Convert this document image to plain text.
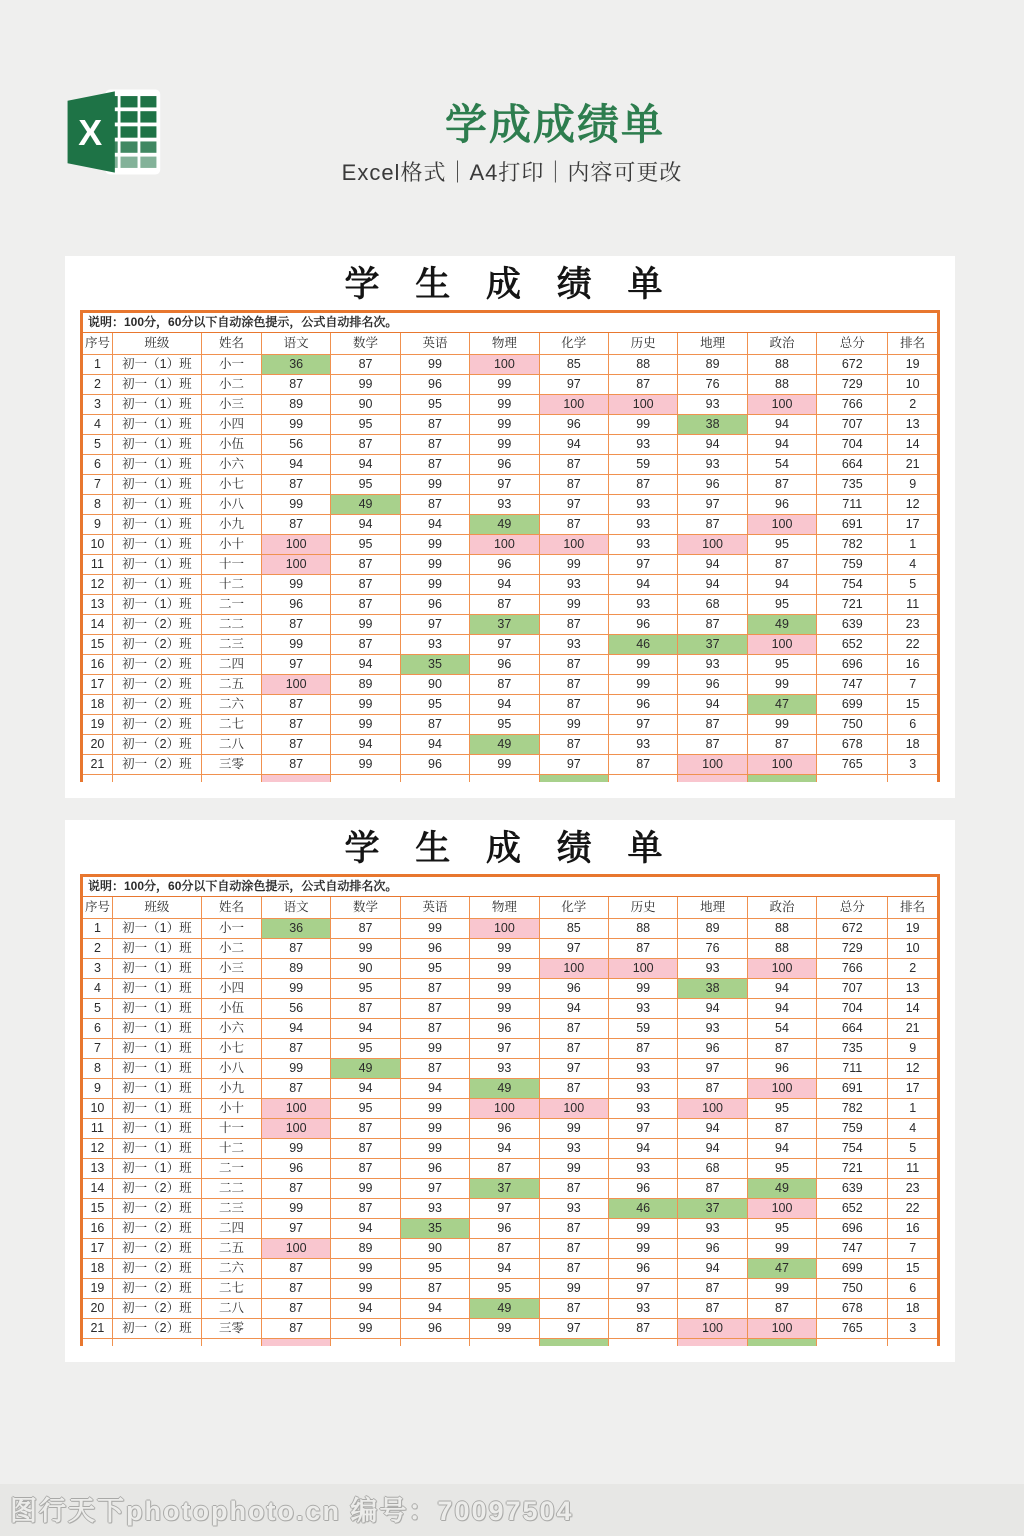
X	学成成绩单
Excel格式｜A4打印｜内容可更改
学 生 成 绩 单
说明：100分，60分以下自动涂色提示，公式自动排名次。												
序号	班级	姓名	语文	数学	英语	物理	化学	历史	地理	政治	总分	排名
1	初一（1）班	小一	36	87	99	100	85	88	89	88	672	19
2	初一（1）班	小二	87	99	96	99	97	87	76	88	729	10
3	初一（1）班	小三	89	90	95	99	100	100	93	100	766	2
4	初一（1）班	小四	99	95	87	99	96	99	38	94	707	13
5	初一（1）班	小伍	56	87	87	99	94	93	94	94	704	14
6	初一（1）班	小六	94	94	87	96	87	59	93	54	664	21
7	初一（1）班	小七	87	95	99	97	87	87	96	87	735	9
8	初一（1）班	小八	99	49	87	93	97	93	97	96	711	12
9	初一（1）班	小九	87	94	94	49	87	93	87	100	691	17
10	初一（1）班	小十	100	95	99	100	100	93	100	95	782	1
11	初一（1）班	十一	100	87	99	96	99	97	94	87	759	4
12	初一（1）班	十二	99	87	99	94	93	94	94	94	754	5
13	初一（1）班	二一	96	87	96	87	99	93	68	95	721	11
14	初一（2）班	二二	87	99	97	37	87	96	87	49	639	23
15	初一（2）班	二三	99	87	93	97	93	46	37	100	652	22
16	初一（2）班	二四	97	94	35	96	87	99	93	95	696	16
17	初一（2）班	二五	100	89	90	87	87	99	96	99	747	7
18	初一（2）班	二六	87	99	95	94	87	96	94	47	699	15
19	初一（2）班	二七	87	99	87	95	99	97	87	99	750	6
20	初一（2）班	二八	87	94	94	49	87	93	87	87	678	18
21	初一（2）班	三零	87	99	96	99	97	87	100	100	765	3

学 生 成 绩 单
说明：100分，60分以下自动涂色提示，公式自动排名次。												
序号	班级	姓名	语文	数学	英语	物理	化学	历史	地理	政治	总分	排名
1	初一（1）班	小一	36	87	99	100	85	88	89	88	672	19
2	初一（1）班	小二	87	99	96	99	97	87	76	88	729	10
3	初一（1）班	小三	89	90	95	99	100	100	93	100	766	2
4	初一（1）班	小四	99	95	87	99	96	99	38	94	707	13
5	初一（1）班	小伍	56	87	87	99	94	93	94	94	704	14
6	初一（1）班	小六	94	94	87	96	87	59	93	54	664	21
7	初一（1）班	小七	87	95	99	97	87	87	96	87	735	9
8	初一（1）班	小八	99	49	87	93	97	93	97	96	711	12
9	初一（1）班	小九	87	94	94	49	87	93	87	100	691	17
10	初一（1）班	小十	100	95	99	100	100	93	100	95	782	1
11	初一（1）班	十一	100	87	99	96	99	97	94	87	759	4
12	初一（1）班	十二	99	87	99	94	93	94	94	94	754	5
13	初一（1）班	二一	96	87	96	87	99	93	68	95	721	11
14	初一（2）班	二二	87	99	97	37	87	96	87	49	639	23
15	初一（2）班	二三	99	87	93	97	93	46	37	100	652	22
16	初一（2）班	二四	97	94	35	96	87	99	93	95	696	16
17	初一（2）班	二五	100	89	90	87	87	99	96	99	747	7
18	初一（2）班	二六	87	99	95	94	87	96	94	47	699	15
19	初一（2）班	二七	87	99	87	95	99	97	87	99	750	6
20	初一（2）班	二八	87	94	94	49	87	93	87	87	678	18
21	初一（2）班	三零	87	99	96	99	97	87	100	100	765	3

图行天下photophoto.cn 编号：70097504
